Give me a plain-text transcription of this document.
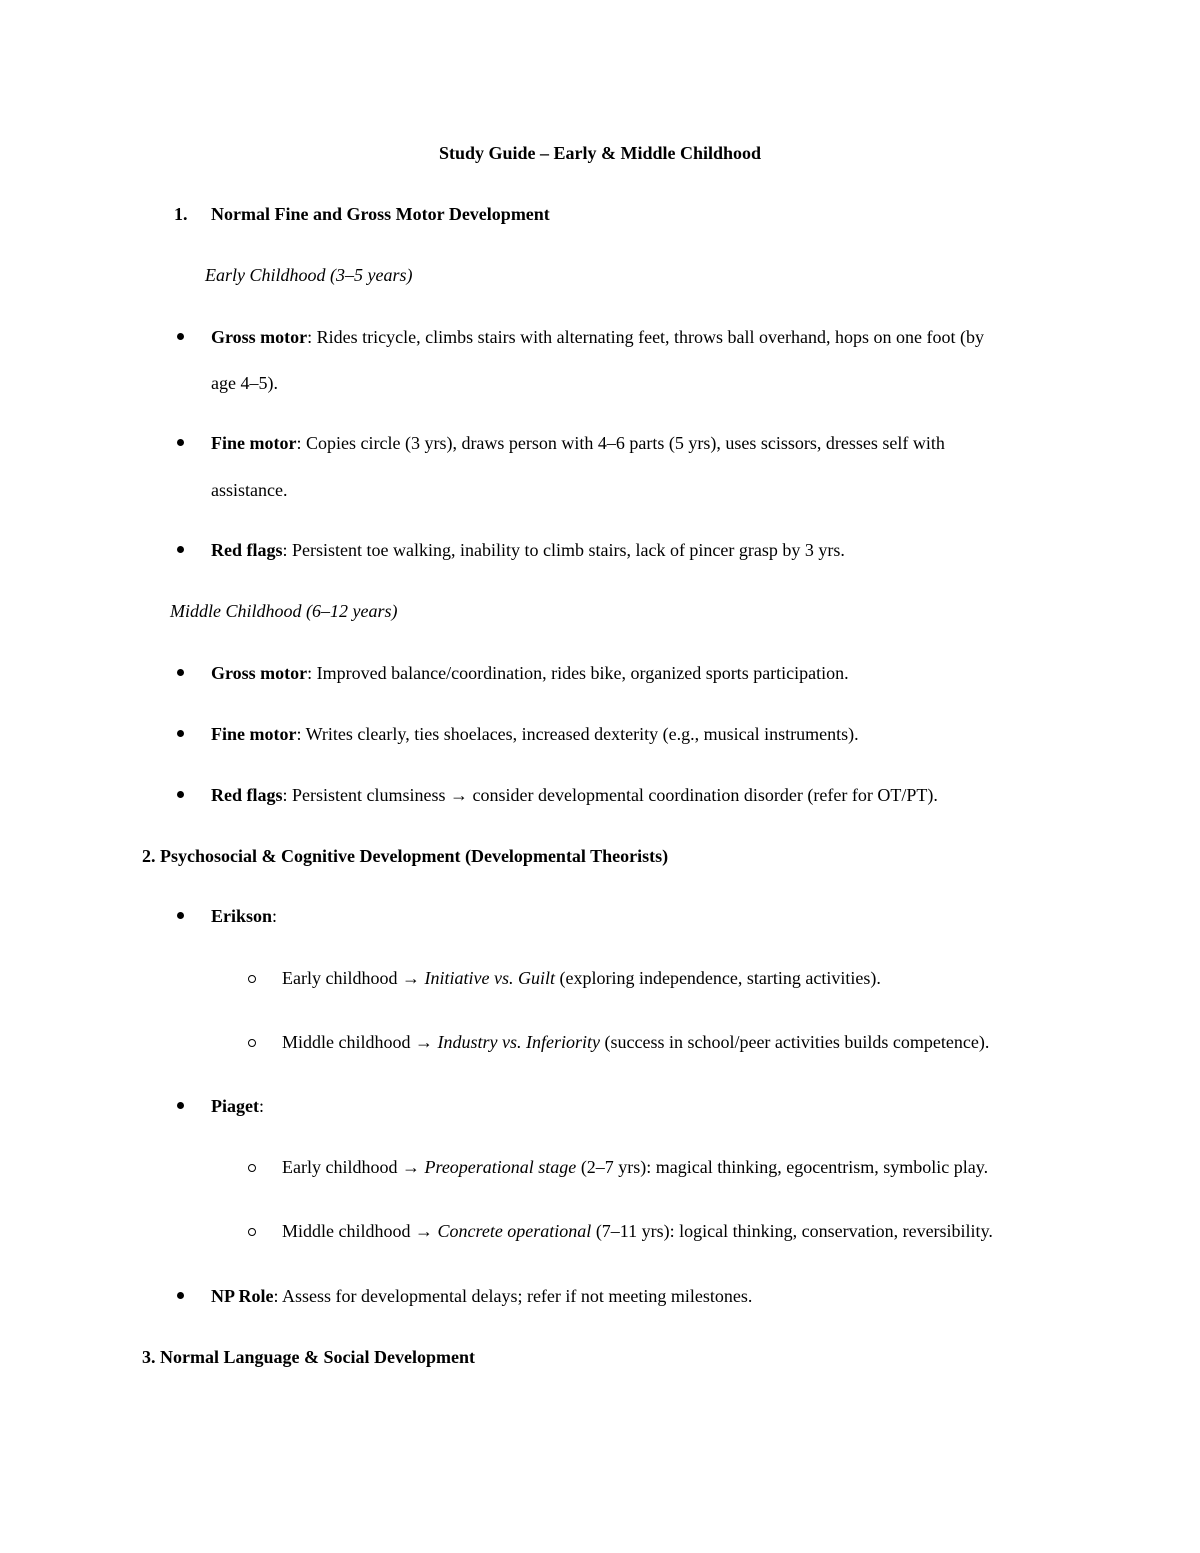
Study Guide – Early & Middle Childhood
1. Normal Fine and Gross Motor Development
Early Childhood (3–5 years)
Gross motor: Rides tricycle, climbs stairs with alternating feet, throws ball overhand, hops on one foot (by
age 4–5).
Fine motor: Copies circle (3 yrs), draws person with 4–6 parts (5 yrs), uses scissors, dresses self with
assistance.
Red flags: Persistent toe walking, inability to climb stairs, lack of pincer grasp by 3 yrs.
Middle Childhood (6–12 years)
Gross motor: Improved balance/coordination, rides bike, organized sports participation.
Fine motor: Writes clearly, ties shoelaces, increased dexterity (e.g., musical instruments).
Red flags: Persistent clumsiness → consider developmental coordination disorder (refer for OT/PT).
2. Psychosocial & Cognitive Development (Developmental Theorists)
Erikson:
Early childhood → Initiative vs. Guilt (exploring independence, starting activities).
Middle childhood → Industry vs. Inferiority (success in school/peer activities builds competence).
Piaget:
Early childhood → Preoperational stage (2–7 yrs): magical thinking, egocentrism, symbolic play.
Middle childhood → Concrete operational (7–11 yrs): logical thinking, conservation, reversibility.
NP Role: Assess for developmental delays; refer if not meeting milestones.
3. Normal Language & Social Development
